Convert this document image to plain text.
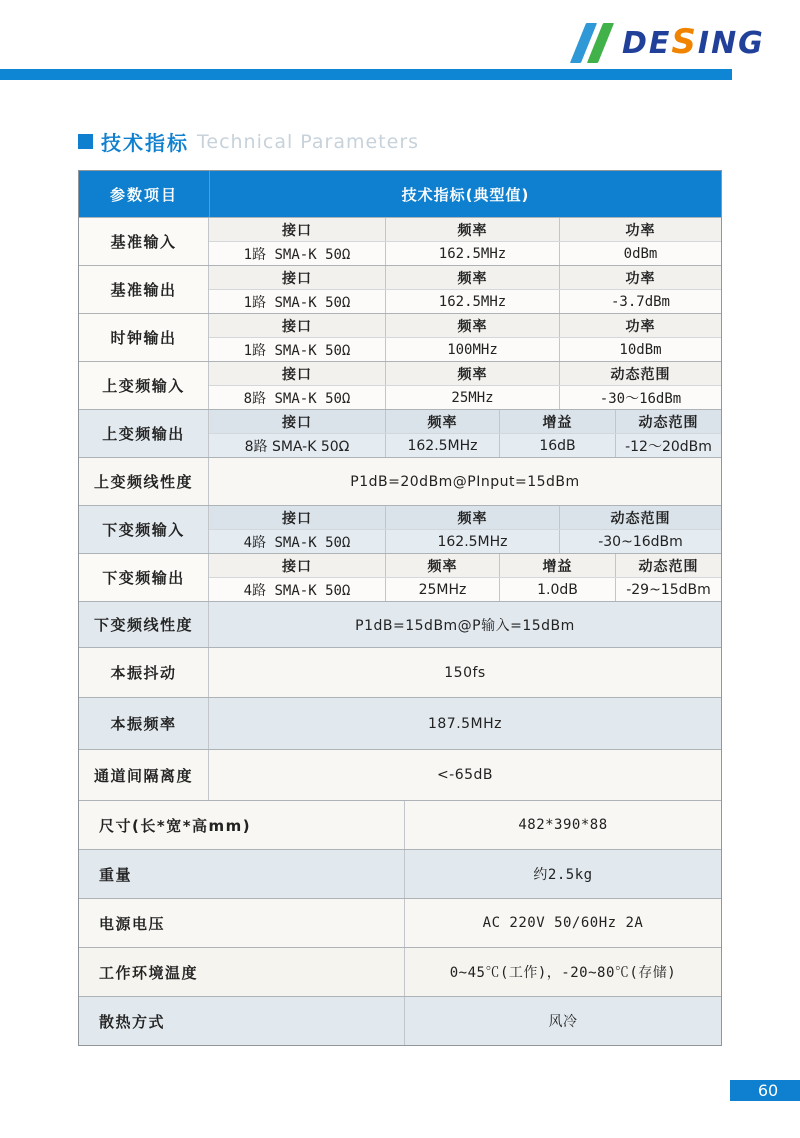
DESING
技术指标 Technical Parameters
参数项目	技术指标(典型值)
基准输入
接口	频率	功率
1路 SMA-K 50Ω	162.5MHz	0dBm
基准输出
接口	频率	功率
1路 SMA-K 50Ω	162.5MHz	-3.7dBm
时钟输出
接口	频率	功率
1路 SMA-K 50Ω	100MHz	10dBm
上变频输入
接口	频率	动态范围
8路 SMA-K 50Ω	25MHz	-30～16dBm
上变频输出
接口	频率	增益	动态范围
8路 SMA-K 50Ω	162.5MHz	16dB	-12～20dBm
上变频线性度	P1dB=20dBm@PInput=15dBm
下变频输入
接口	频率	动态范围
4路 SMA-K 50Ω	162.5MHz	-30~16dBm
下变频输出
接口	频率	增益	动态范围
4路 SMA-K 50Ω	25MHz	1.0dB	-29~15dBm
下变频线性度	P1dB=15dBm@P输入=15dBm
本振抖动	150fs
本振频率	187.5MHz
通道间隔离度	<-65dB
尺寸(长*宽*高mm)	482*390*88
重量	约2.5kg
电源电压	AC 220V 50/60Hz 2A
工作环境温度	0~45℃(工作)，-20~80℃(存储)
散热方式	风冷
60
